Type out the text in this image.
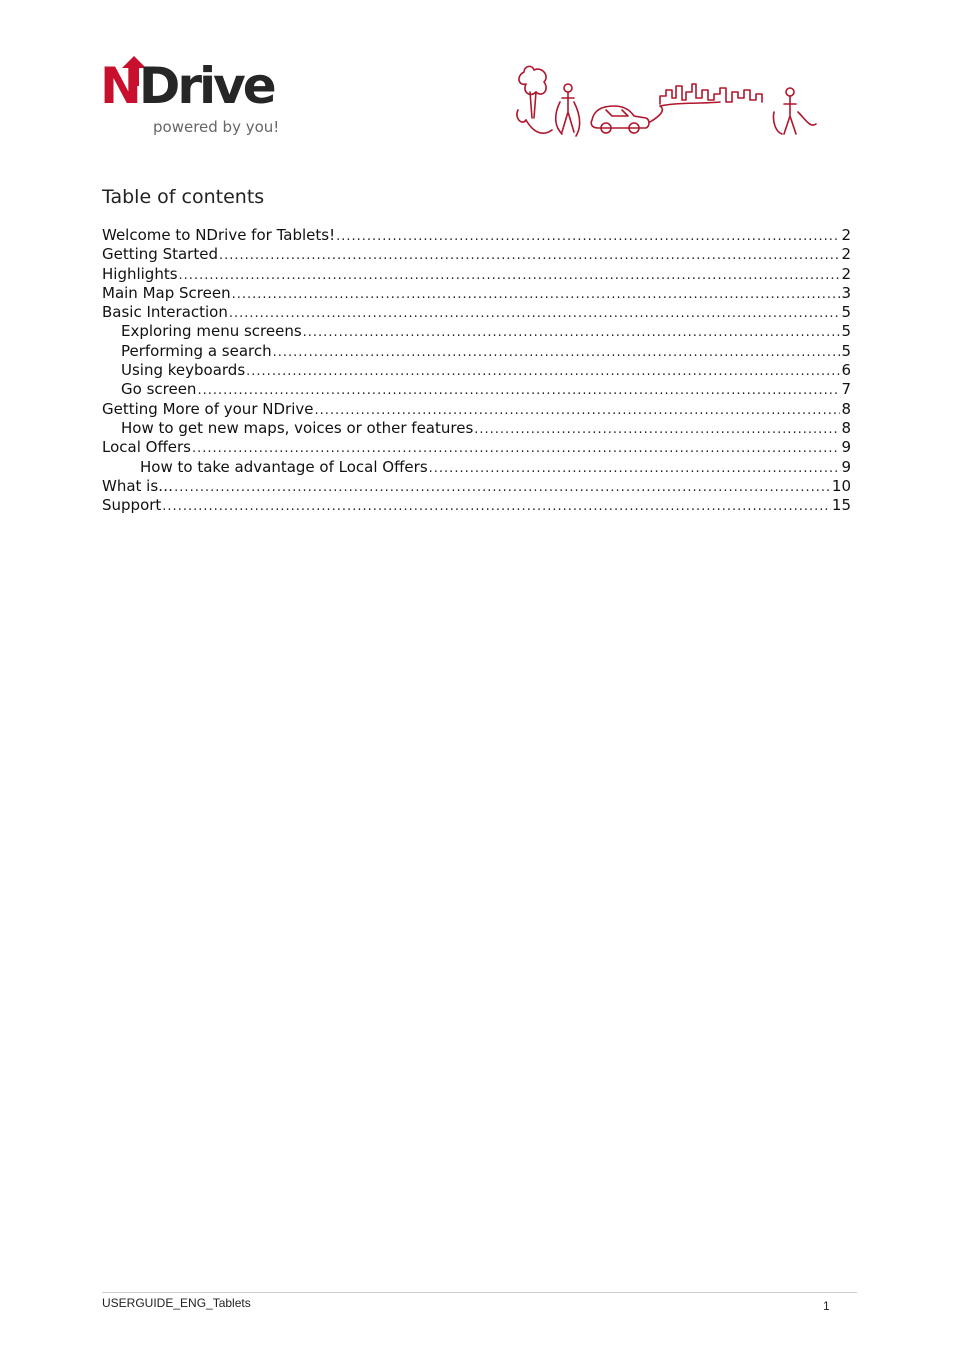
NDrive
powered by you!
Table of contents
Welcome to NDrive for Tablets! .....	2
Getting Started .....	2
Highlights .....	2
Main Map Screen .....	3
Basic Interaction .....	5
Exploring menu screens .....	5
Performing a search .....	5
Using keyboards .....	6
Go screen .....	7
Getting More of your NDrive .....	8
How to get new maps, voices or other features .....	8
Local Offers .....	9
How to take advantage of Local Offers .....	9
What is… .....	10
Support .....	15
USERGUIDE_ENG_Tablets	1
